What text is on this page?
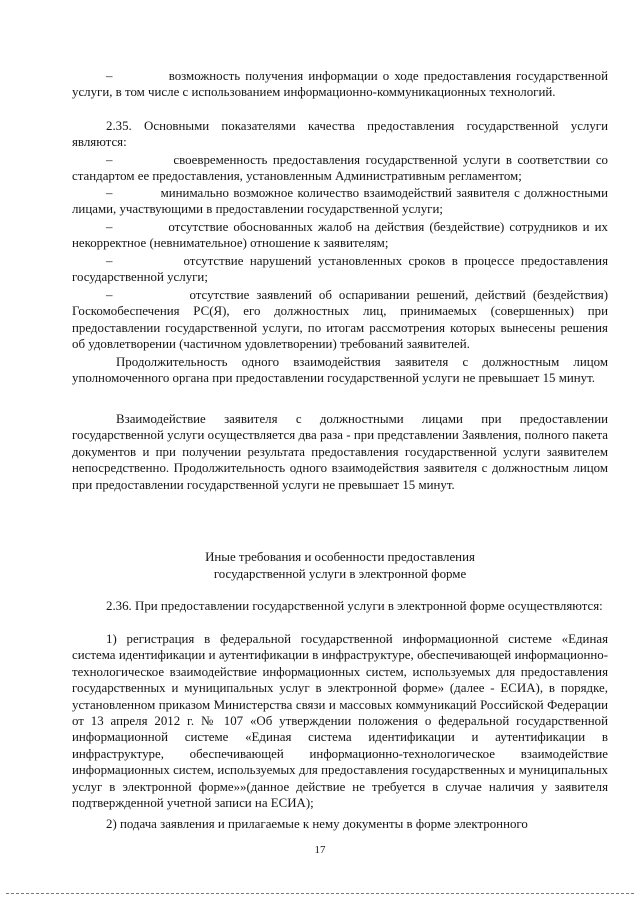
–           возможность получения информации о ходе предоставления государственной услуги, в том числе с использованием информационно-коммуникационных технологий.

2.35. Основными показателями качества предоставления государственной услуги являются:

–           своевременность предоставления государственной услуги в соответствии со стандартом ее предоставления, установленным Административным регламентом;

–           минимально возможное количество взаимодействий заявителя с должностными лицами, участвующими в предоставлении государственной услуги;

–           отсутствие обоснованных жалоб на действия (бездействие) сотрудников и их некорректное (невнимательное) отношение к заявителям;

–           отсутствие нарушений установленных сроков в процессе предоставления государственной услуги;

–           отсутствие заявлений об оспаривании решений, действий (бездействия) Госкомобеспечения РС(Я), его должностных лиц, принимаемых (совершенных) при предоставлении государственной услуги, по итогам рассмотрения которых вынесены решения об удовлетворении (частичном удовлетворении) требований заявителей.

Продолжительность одного взаимодействия заявителя с должностным лицом уполномоченного органа при предоставлении государственной услуги не превышает 15 минут.

Взаимодействие заявителя с должностными лицами при предоставлении государственной услуги осуществляется два раза - при представлении Заявления, полного пакета документов и при получении результата предоставления государственной услуги заявителем непосредственно. Продолжительность одного взаимодействия заявителя с должностным лицом при предоставлении государственной услуги не превышает 15 минут.

Иные требования и особенности предоставления
государственной услуги в электронной форме

2.36. При предоставлении государственной услуги в электронной форме осуществляются:

1) регистрация в федеральной государственной информационной системе «Единая система идентификации и аутентификации в инфраструктуре, обеспечивающей информационно-технологическое взаимодействие информационных систем, используемых для предоставления государственных и муниципальных услуг в электронной форме» (далее - ЕСИА), в порядке, установленном приказом Министерства связи и массовых коммуникаций Российской Федерации от 13 апреля 2012 г. № 107 «Об утверждении положения о федеральной государственной информационной системе «Единая система идентификации и аутентификации в инфраструктуре, обеспечивающей информационно-технологическое взаимодействие информационных систем, используемых для предоставления государственных и муниципальных услуг в электронной форме»»(данное действие не требуется в случае наличия у заявителя подтвержденной учетной записи на ЕСИА);

2) подача заявления и прилагаемые к нему документы в форме электронного

17
